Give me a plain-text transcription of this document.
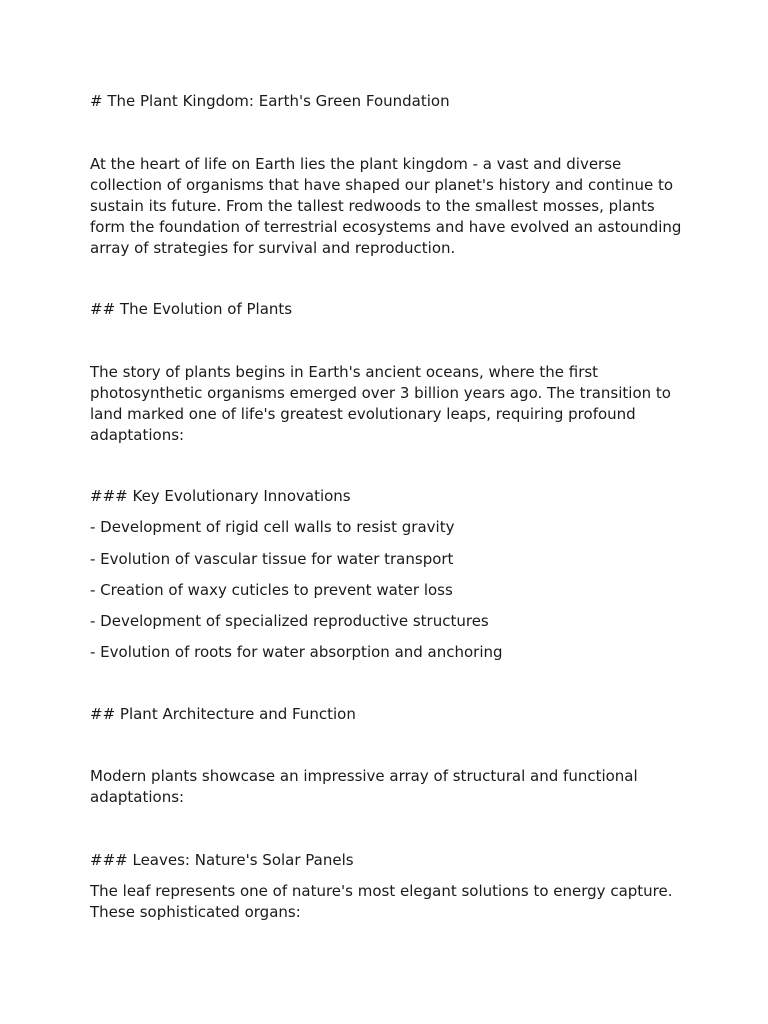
# The Plant Kingdom: Earth's Green Foundation

At the heart of life on Earth lies the plant kingdom - a vast and diverse collection of organisms that have shaped our planet's history and continue to sustain its future. From the tallest redwoods to the smallest mosses, plants form the foundation of terrestrial ecosystems and have evolved an astounding array of strategies for survival and reproduction.

## The Evolution of Plants

The story of plants begins in Earth's ancient oceans, where the first photosynthetic organisms emerged over 3 billion years ago. The transition to land marked one of life's greatest evolutionary leaps, requiring profound adaptations:

### Key Evolutionary Innovations

- Development of rigid cell walls to resist gravity

- Evolution of vascular tissue for water transport

- Creation of waxy cuticles to prevent water loss

- Development of specialized reproductive structures

- Evolution of roots for water absorption and anchoring

## Plant Architecture and Function

Modern plants showcase an impressive array of structural and functional adaptations:

### Leaves: Nature's Solar Panels

The leaf represents one of nature's most elegant solutions to energy capture. These sophisticated organs:
